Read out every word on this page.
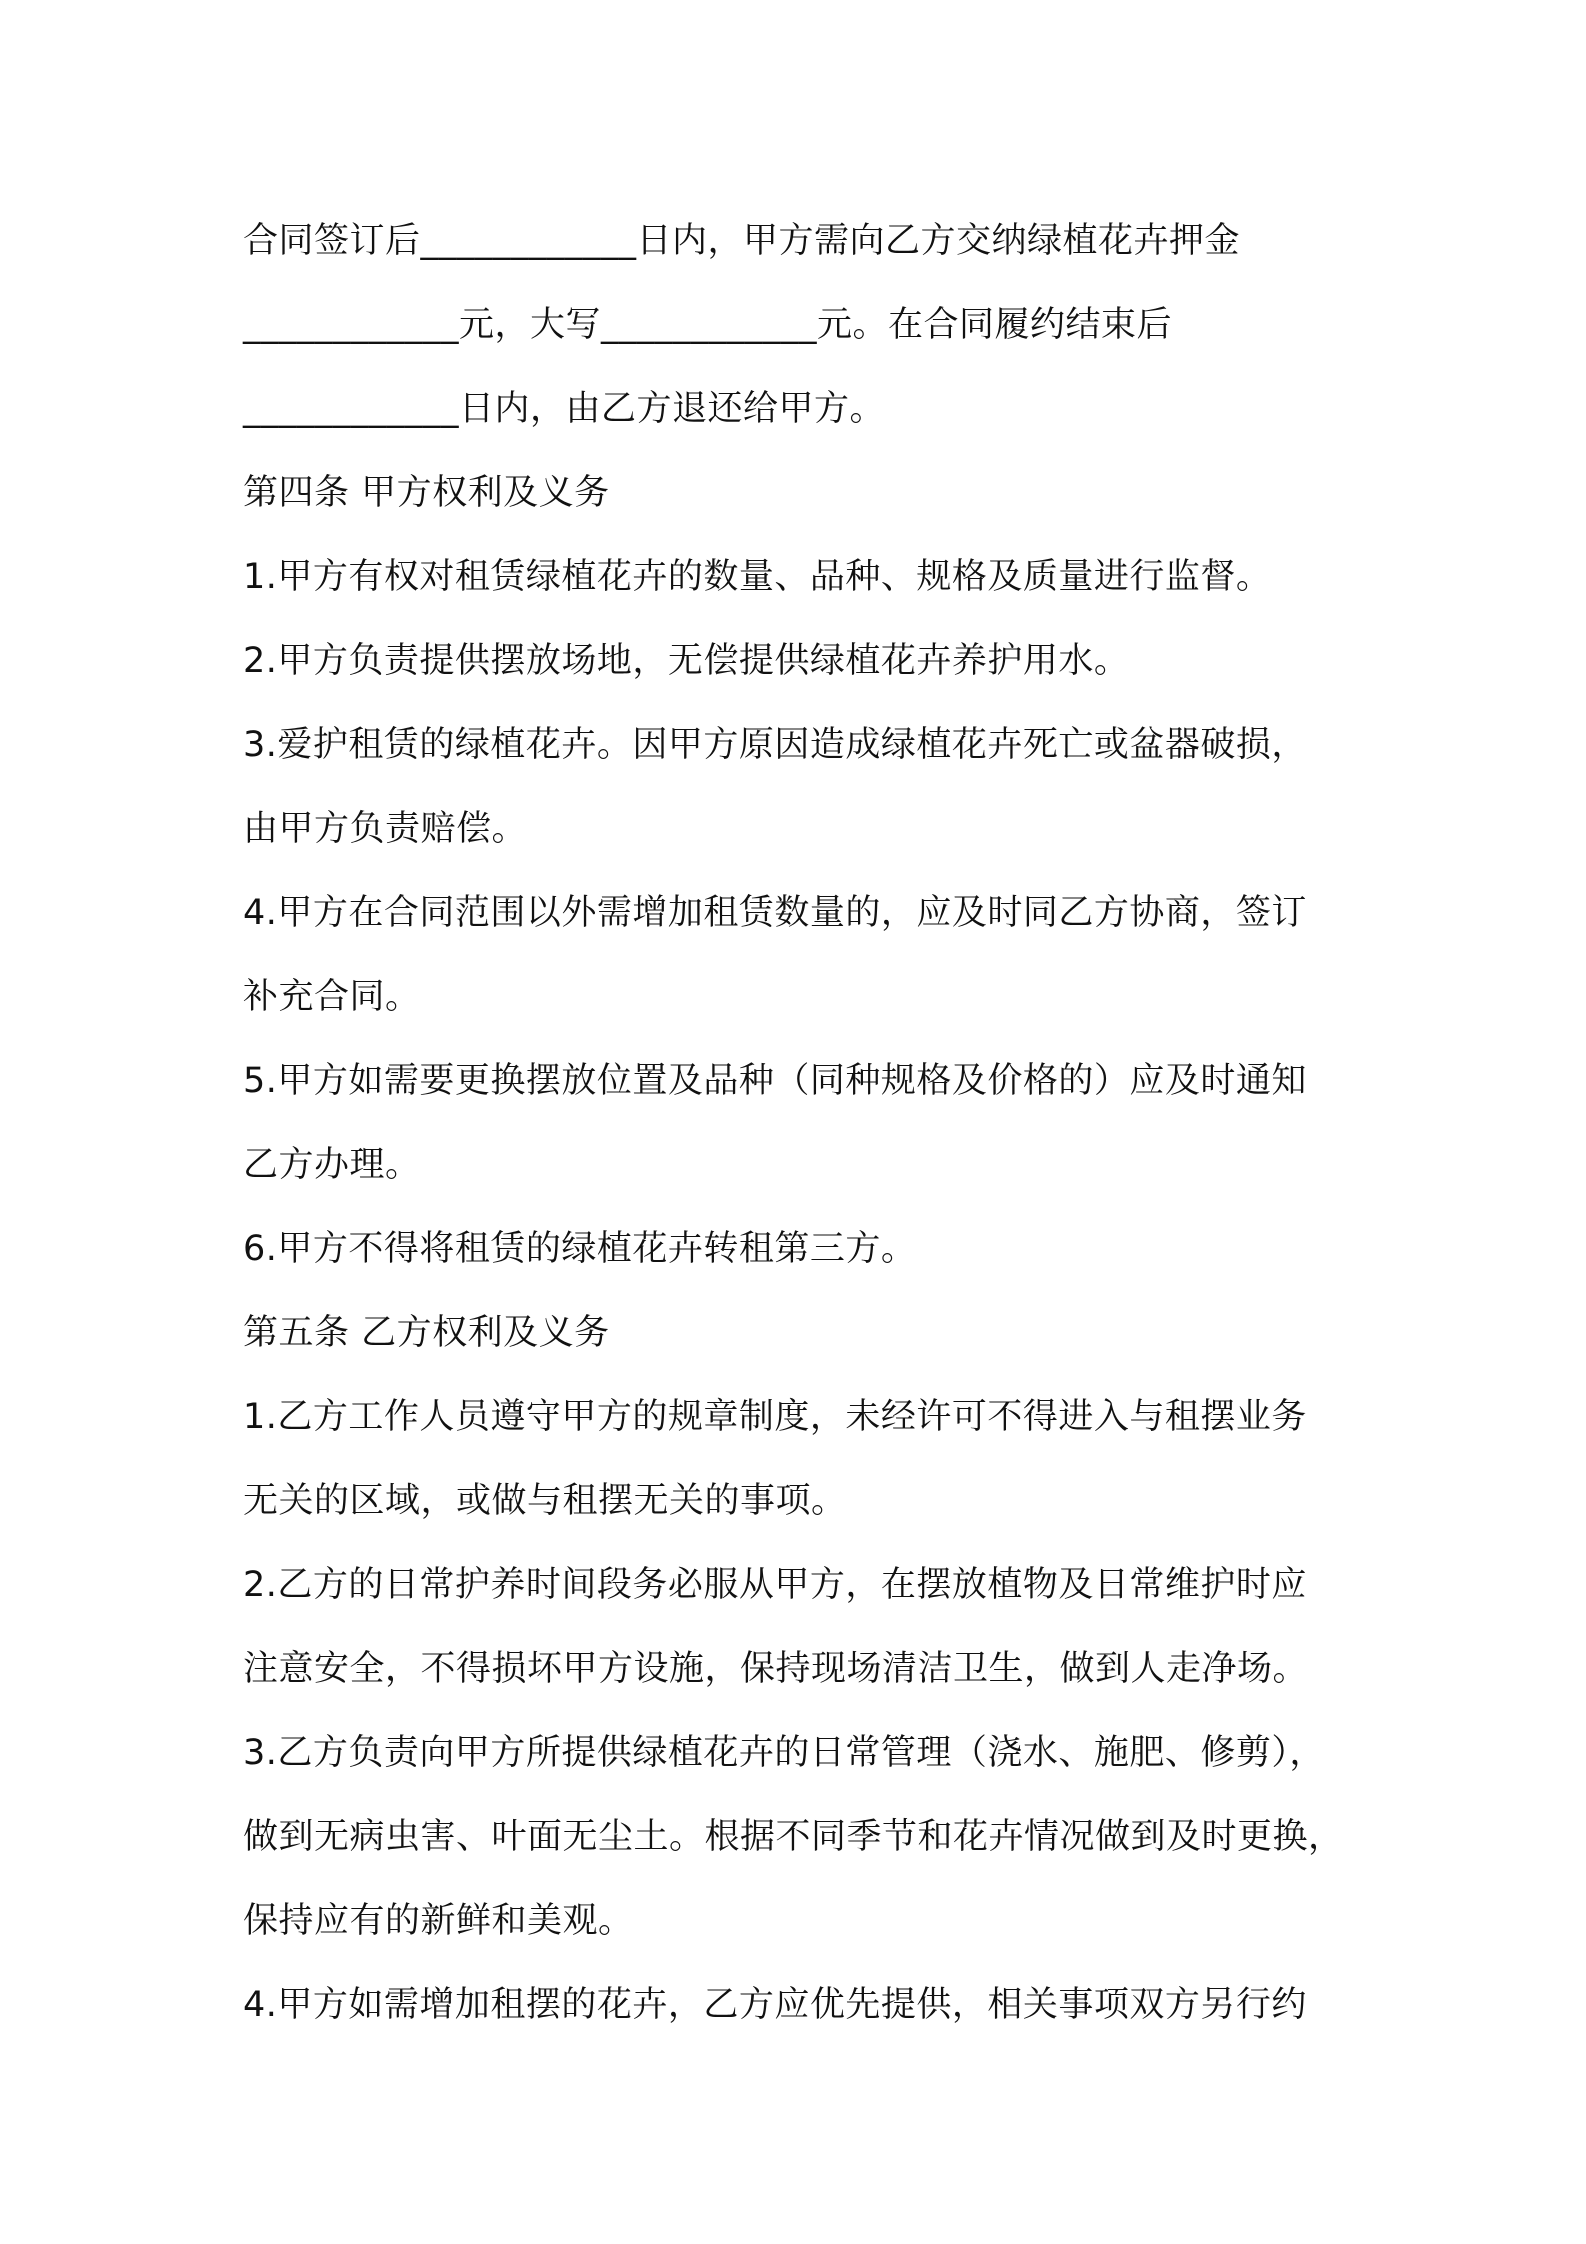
合同签订后____________日内，甲方需向乙方交纳绿植花卉押金
____________元，大写____________元。在合同履约结束后
____________日内，由乙方退还给甲方。
第四条 甲方权利及义务
1.甲方有权对租赁绿植花卉的数量、品种、规格及质量进行监督。
2.甲方负责提供摆放场地，无偿提供绿植花卉养护用水。
3.爱护租赁的绿植花卉。因甲方原因造成绿植花卉死亡或盆器破损，
由甲方负责赔偿。
4.甲方在合同范围以外需增加租赁数量的，应及时同乙方协商，签订
补充合同。
5.甲方如需要更换摆放位置及品种（同种规格及价格的）应及时通知
乙方办理。
6.甲方不得将租赁的绿植花卉转租第三方。
第五条 乙方权利及义务
1.乙方工作人员遵守甲方的规章制度，未经许可不得进入与租摆业务
无关的区域，或做与租摆无关的事项。
2.乙方的日常护养时间段务必服从甲方，在摆放植物及日常维护时应
注意安全，不得损坏甲方设施，保持现场清洁卫生，做到人走净场。
3.乙方负责向甲方所提供绿植花卉的日常管理（浇水、施肥、修剪），
做到无病虫害、叶面无尘土。根据不同季节和花卉情况做到及时更换，
保持应有的新鲜和美观。
4.甲方如需增加租摆的花卉，乙方应优先提供，相关事项双方另行约
